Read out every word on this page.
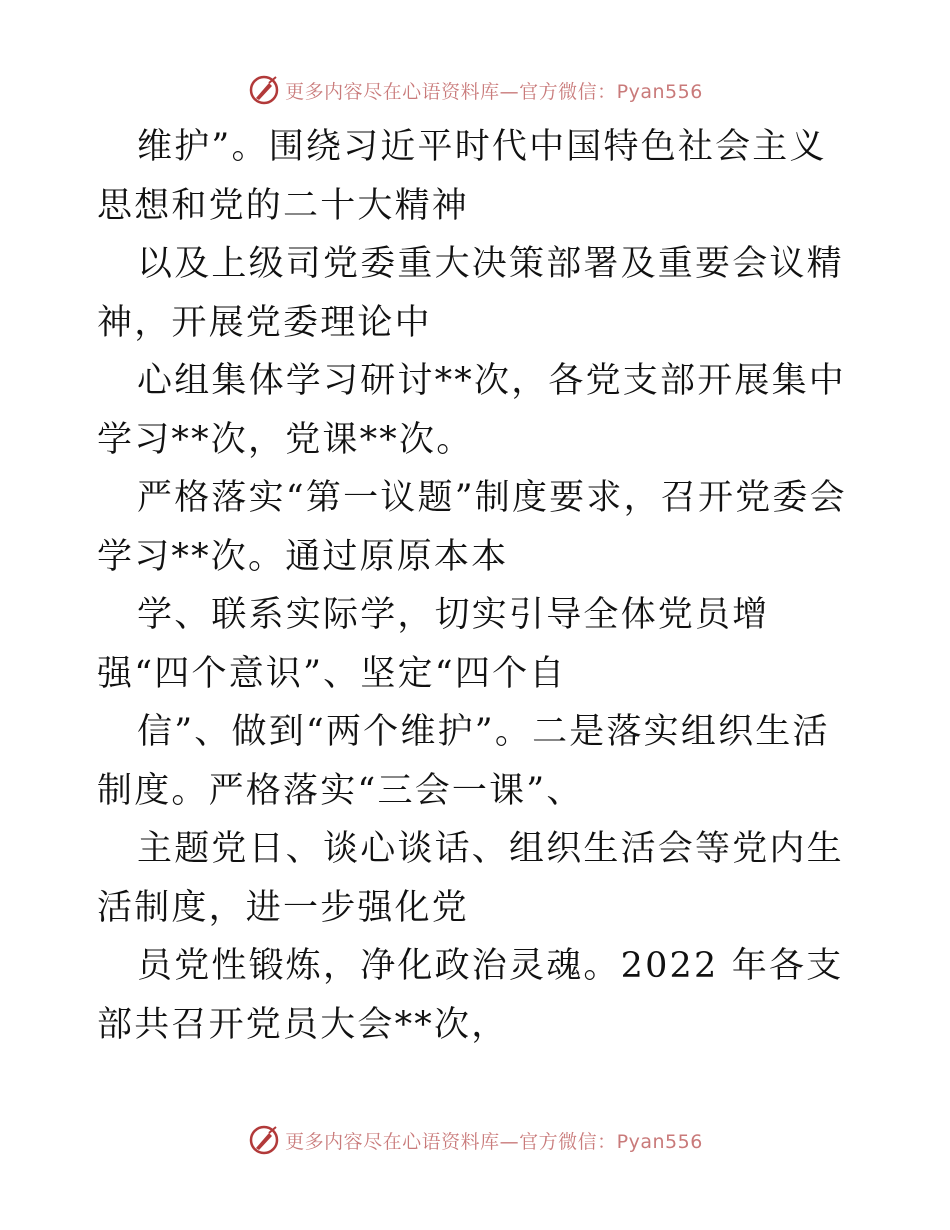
更多内容尽在心语资料库—官方微信：Pyan556

维护”。围绕习近平时代中国特色社会主义思想和党的二十大精神

以及上级司党委重大决策部署及重要会议精神，开展党委理论中

心组集体学习研讨**次，各党支部开展集中学习**次，党课**次。

严格落实“第一议题”制度要求，召开党委会学习**次。通过原原本本

学、联系实际学，切实引导全体党员增强“四个意识”、坚定“四个自

信”、做到“两个维护”。二是落实组织生活制度。严格落实“三会一课”、

主题党日、谈心谈话、组织生活会等党内生活制度，进一步强化党

员党性锻炼，净化政治灵魂。2022 年各支部共召开党员大会**次，

更多内容尽在心语资料库—官方微信：Pyan556
